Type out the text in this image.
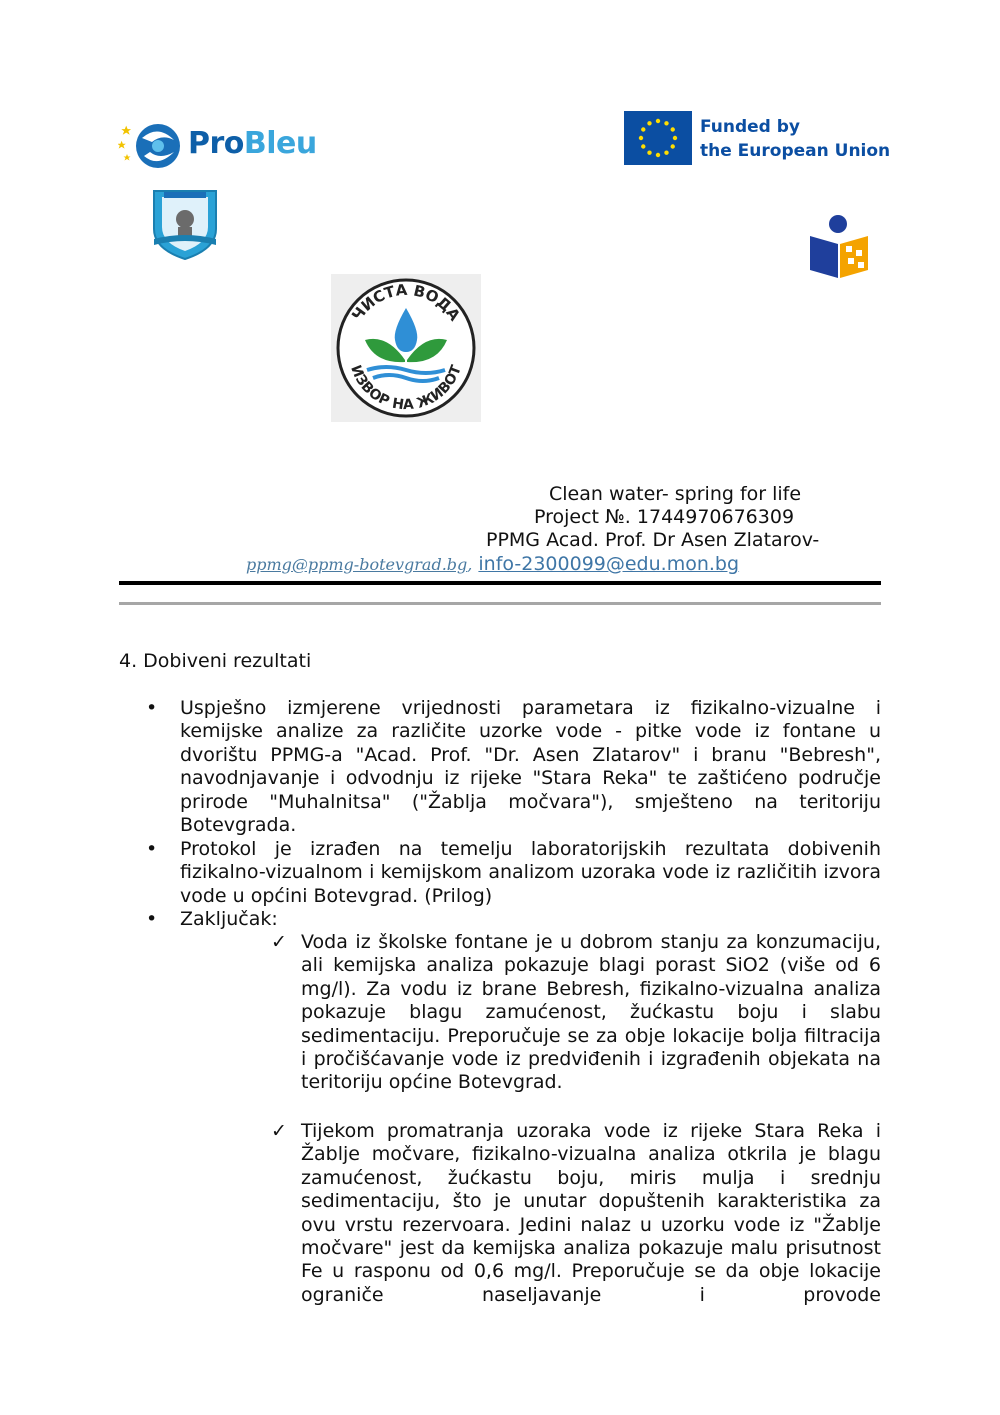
ProBleu	Funded by
the European Union
ЧИСТА ВОДА
ИЗВОР НА ЖИВОТ
Clean water- spring for life
Project №. 1744970676309
PPMG Acad. Prof. Dr Asen Zlatarov-
ppmg@ppmg-botevgrad.bg, info-2300099@edu.mon.bg
4. Dobiveni rezultati
• Uspješno izmjerene vrijednosti parametara iz fizikalno-vizualne i kemijske analize za različite uzorke vode - pitke vode iz fontane u dvorištu PPMG-a "Acad. Prof. "Dr. Asen Zlatarov" i branu "Bebresh", navodnjavanje i odvodnju iz rijeke "Stara Reka" te zaštićeno područje prirode "Muhalnitsa" ("Žablja močvara"), smješteno na teritoriju Botevgrada.
• Protokol je izrađen na temelju laboratorijskih rezultata dobivenih fizikalno-vizualnom i kemijskom analizom uzoraka vode iz različitih izvora vode u općini Botevgrad. (Prilog)
• Zaključak:
✓ Voda iz školske fontane je u dobrom stanju za konzumaciju, ali kemijska analiza pokazuje blagi porast SiO2 (više od 6 mg/l). Za vodu iz brane Bebresh, fizikalno-vizualna analiza pokazuje blagu zamućenost, žućkastu boju i slabu sedimentaciju. Preporučuje se za obje lokacije bolja filtracija i pročišćavanje vode iz predviđenih i izgrađenih objekata na teritoriju općine Botevgrad.
✓ Tijekom promatranja uzoraka vode iz rijeke Stara Reka i Žablje močvare, fizikalno-vizualna analiza otkrila je blagu zamućenost, žućkastu boju, miris mulja i srednju sedimentaciju, što je unutar dopuštenih karakteristika za ovu vrstu rezervoara. Jedini nalaz u uzorku vode iz "Žablje močvare" jest da kemijska analiza pokazuje malu prisutnost Fe u rasponu od 0,6 mg/l. Preporučuje se da obje lokacije ograniče naseljavanje i provode
